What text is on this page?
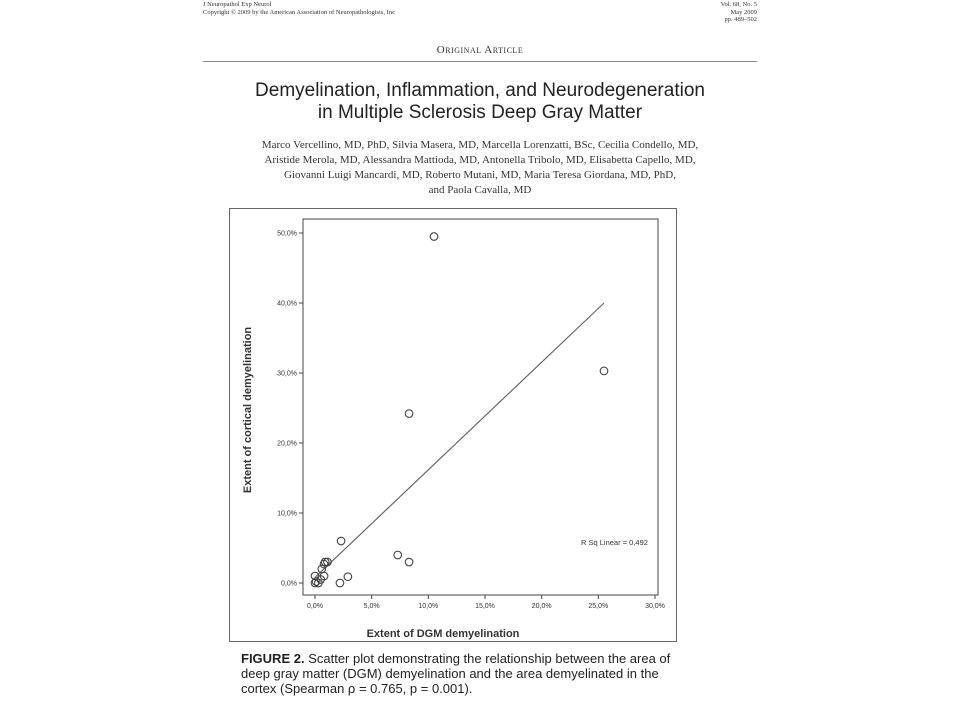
J Neuropathol Exp Neurol
Copyright © 2009 by the American Association of Neuropathologists, Inc
Vol. 68, No. 5
May 2009
pp. 489–502
Original Article
Demyelination, Inflammation, and Neurodegeneration
in Multiple Sclerosis Deep Gray Matter
Marco Vercellino, MD, PhD, Silvia Masera, MD, Marcella Lorenzatti, BSc, Cecilia Condello, MD,
Aristide Merola, MD, Alessandra Mattioda, MD, Antonella Tribolo, MD, Elisabetta Capello, MD,
Giovanni Luigi Mancardi, MD, Roberto Mutani, MD, Maria Teresa Giordana, MD, PhD,
and Paola Cavalla, MD
0,0%	5,0%	10,0%	15,0%	20,0%	25,0%	30,0%
0,0%
10,0%
20,0%
30,0%
40,0%
50,0%
Extent of DGM demyelination
Extent of cortical demyelination
R Sq Linear = 0,492
FIGURE 2. Scatter plot demonstrating the relationship between the area of deep gray matter (DGM) demyelination and the area demyelinated in the cortex (Spearman ρ = 0.765, p = 0.001).
